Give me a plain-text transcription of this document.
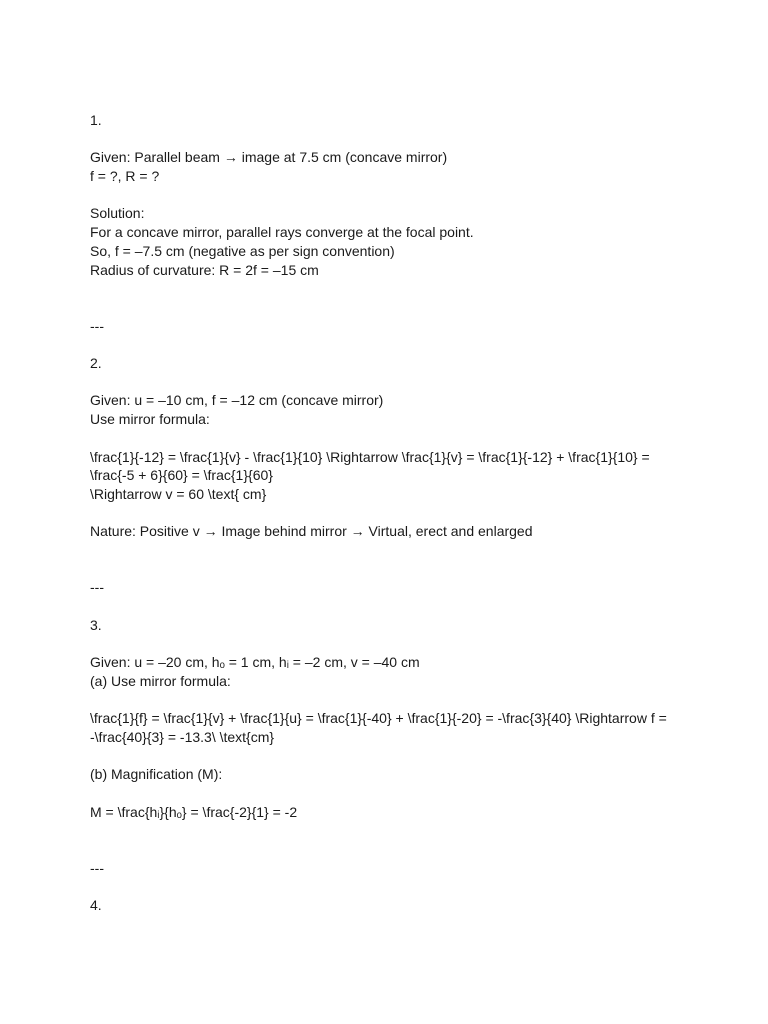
1.
Given: Parallel beam → image at 7.5 cm (concave mirror)
f = ?, R = ?
Solution:
For a concave mirror, parallel rays converge at the focal point.
So, f = –7.5 cm (negative as per sign convention)
Radius of curvature: R = 2f = –15 cm
---
2.
Given: u = –10 cm, f = –12 cm (concave mirror)
Use mirror formula:
\frac{1}{-12} = \frac{1}{v} - \frac{1}{10} \Rightarrow \frac{1}{v} = \frac{1}{-12} + \frac{1}{10} =
\frac{-5 + 6}{60} = \frac{1}{60}
\Rightarrow v = 60 \text{ cm}
Nature: Positive v → Image behind mirror → Virtual, erect and enlarged
---
3.
Given: u = –20 cm, hₒ = 1 cm, hᵢ = –2 cm, v = –40 cm
(a) Use mirror formula:
\frac{1}{f} = \frac{1}{v} + \frac{1}{u} = \frac{1}{-40} + \frac{1}{-20} = -\frac{3}{40} \Rightarrow f =
-\frac{40}{3} = -13.3\ \text{cm}
(b) Magnification (M):
M = \frac{hᵢ}{hₒ} = \frac{-2}{1} = -2
---
4.
